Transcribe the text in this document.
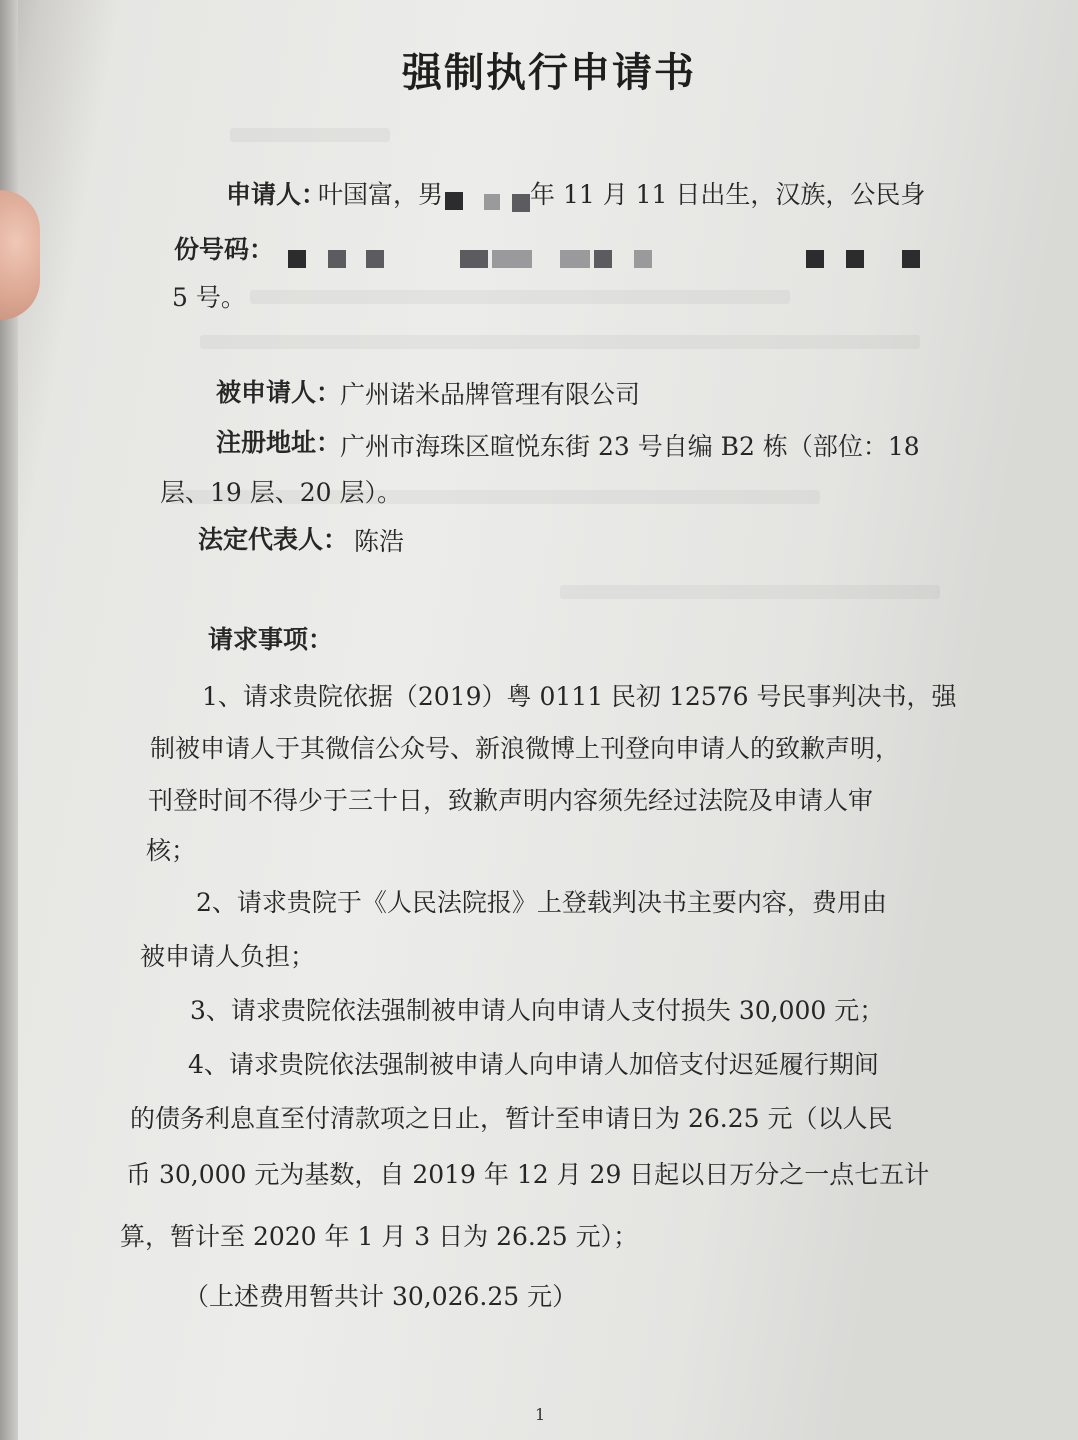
强制执行申请书
申请人：
叶国富，男	年 11 月 11 日出生，汉族，公民身
份号码：
5 号。
被申请人：
广州诺米品牌管理有限公司
注册地址：
广州市海珠区暄悦东街 23 号自编 B2 栋（部位：18
层、19 层、20 层）。
法定代表人： 陈浩
请求事项：
1、请求贵院依据（2019）粤 0111 民初 12576 号民事判决书，强
制被申请人于其微信公众号、新浪微博上刊登向申请人的致歉声明，
刊登时间不得少于三十日，致歉声明内容须先经过法院及申请人审
核；
2、请求贵院于《人民法院报》上登载判决书主要内容，费用由
被申请人负担；
3、请求贵院依法强制被申请人向申请人支付损失 30,000 元；
4、请求贵院依法强制被申请人向申请人加倍支付迟延履行期间
的债务利息直至付清款项之日止，暂计至申请日为 26.25 元（以人民
币 30,000 元为基数，自 2019 年 12 月 29 日起以日万分之一点七五计
算，暂计至 2020 年 1 月 3 日为 26.25 元）；
（上述费用暂共计 30,026.25 元）
1
